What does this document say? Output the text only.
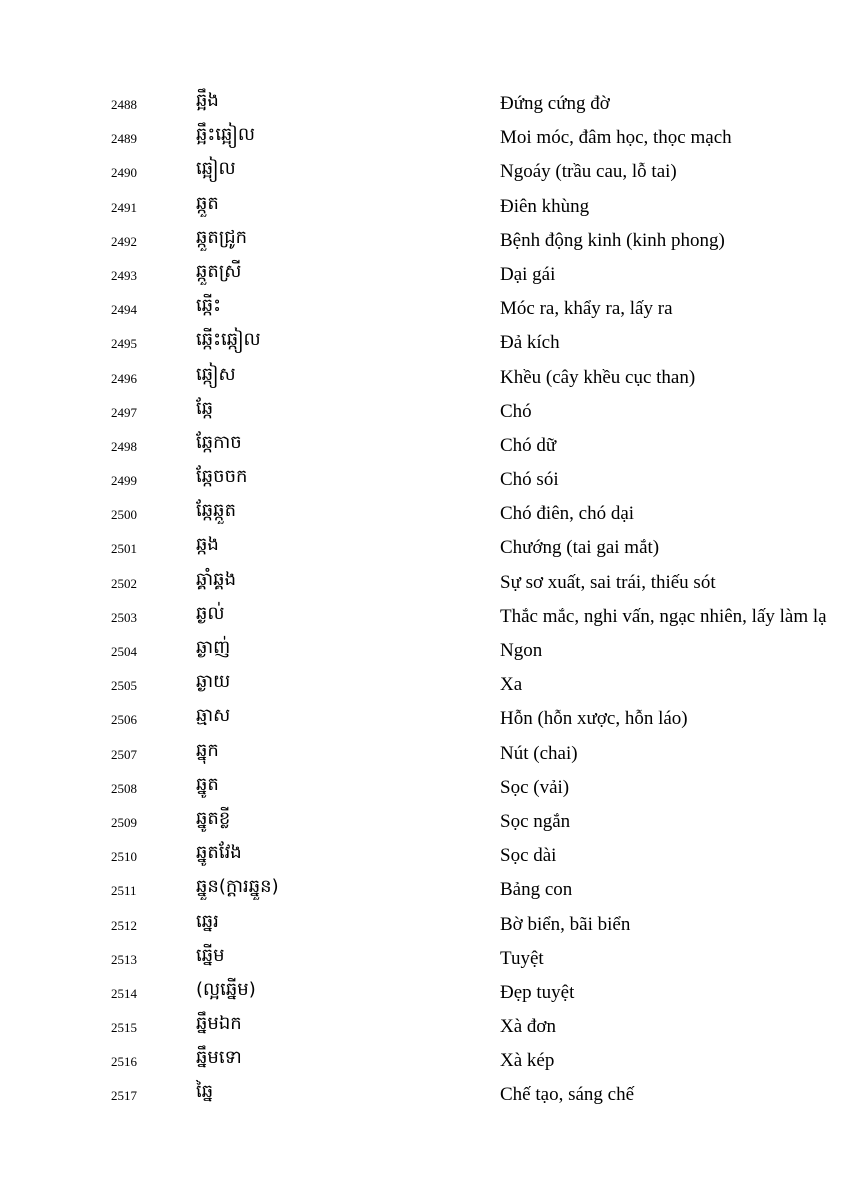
2488	ឆ្អឹង	Đứng cứng đờ
2489	ឆ្អឹះឆ្អៀល	Moi móc, đâm học, thọc mạch
2490	ឆ្អៀល	Ngoáy (trầu cau, lỗ tai)
2491	ឆ្កួត	Điên khùng
2492	ឆ្កួតជ្រូក	Bệnh động kinh (kinh phong)
2493	ឆ្កួតស្រី	Dại gái
2494	ឆ្កើះ	Móc ra, khẩy ra, lấy ra
2495	ឆ្កើះឆ្កៀល	Đả kích
2496	ឆ្កៀស	Khều (cây khều cục than)
2497	ឆ្កែ	Chó
2498	ឆ្កែកាច	Chó dữ
2499	ឆ្កែចចក	Chó sói
2500	ឆ្កែឆ្កួត	Chó điên, chó dại
2501	ឆ្កង	Chướng (tai gai mắt)
2502	ឆ្គាំឆ្គង	Sự sơ xuất, sai trái, thiếu sót
2503	ឆ្ងល់	Thắc mắc, nghi vấn, ngạc nhiên, lấy làm lạ
2504	ឆ្ងាញ់	Ngon
2505	ឆ្ងាយ	Xa
2506	ឆ្មាស	Hỗn (hỗn xược, hỗn láo)
2507	ឆ្នុក	Nút (chai)
2508	ឆ្នូត	Sọc (vải)
2509	ឆ្នូតខ្លី	Sọc ngắn
2510	ឆ្នូតវែង	Sọc dài
2511	ឆ្នួន(ក្តារឆ្នួន)	Bảng con
2512	ឆ្នេរ	Bờ biển, bãi biển
2513	ឆ្នើម	Tuyệt
2514	(ល្អឆ្នើម)	Đẹp tuyệt
2515	ឆ្នឹមឯក	Xà đơn
2516	ឆ្នឹមទោ	Xà kép
2517	ឆ្នៃ	Chế tạo, sáng chế
